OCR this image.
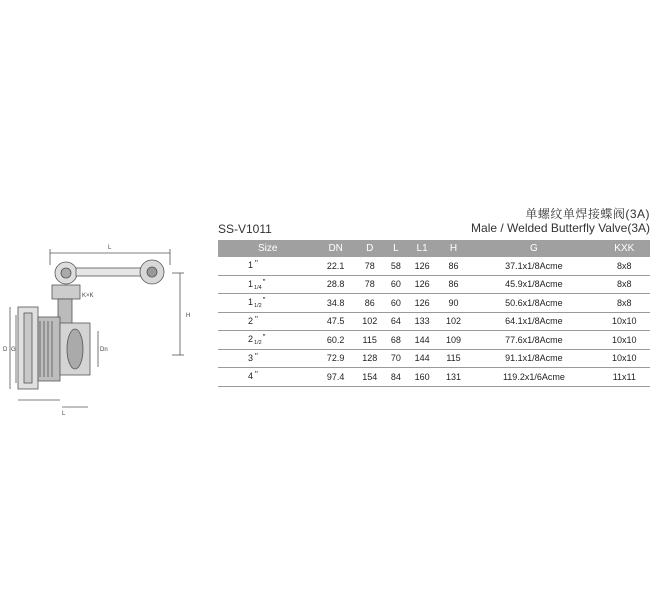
L
H
K×K
D G	Dn
L
单螺纹单焊接蝶阀(3A)
SS-V1011	Male / Welded Butterfly Valve(3A)
Size	DN	D	L	L1	H	G	KXK
1 "	22.1	78	58	126	86	37.1x1/8Acme	8x8
$1_{1/4}$"	28.8	78	60	126	86	45.9x1/8Acme	8x8
$1_{1/2}$"	34.8	86	60	126	90	50.6x1/8Acme	8x8
2 "	47.5	102	64	133	102	64.1x1/8Acme	10x10
$2_{1/2}$"	60.2	115	68	144	109	77.6x1/8Acme	10x10
3 "	72.9	128	70	144	115	91.1x1/8Acme	10x10
4 "	97.4	154	84	160	131	119.2x1/6Acme	11x11
